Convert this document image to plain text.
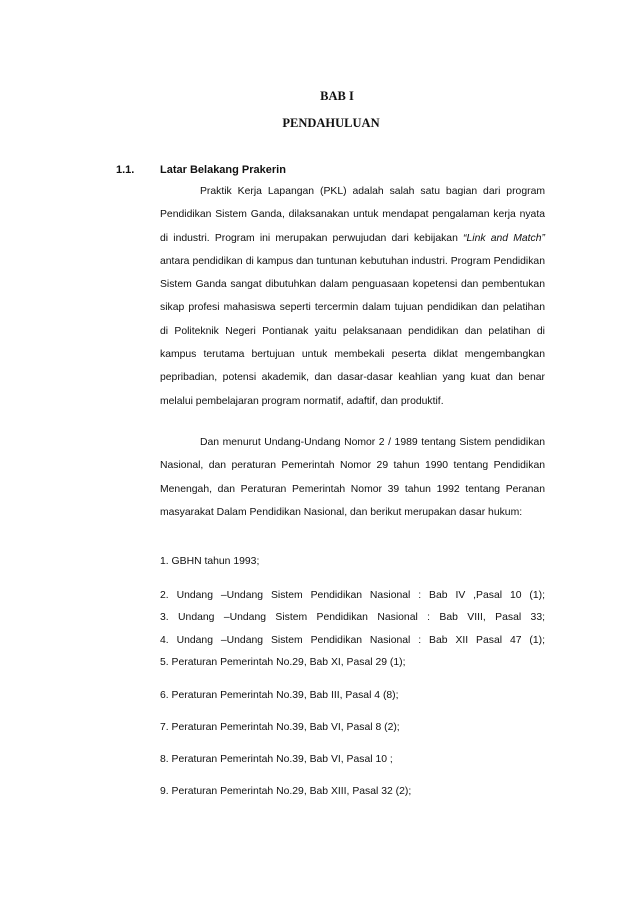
BAB I
PENDAHULUAN
1.1. Latar Belakang Prakerin

Praktik Kerja Lapangan (PKL) adalah salah satu bagian dari program Pendidikan Sistem Ganda, dilaksanakan untuk mendapat pengalaman kerja nyata di industri. Program ini merupakan perwujudan dari kebijakan “Link and Match” antara pendidikan di kampus dan tuntunan kebutuhan industri. Program Pendidikan Sistem Ganda sangat dibutuhkan dalam penguasaan kopetensi dan pembentukan sikap profesi mahasiswa seperti tercermin dalam tujuan pendidikan dan pelatihan di Politeknik Negeri Pontianak yaitu pelaksanaan pendidikan dan pelatihan di kampus terutama bertujuan untuk membekali peserta diklat mengembangkan pepribadian, potensi akademik, dan dasar-dasar keahlian yang kuat dan benar melalui pembelajaran program normatif, adaftif, dan produktif.

Dan menurut Undang-Undang Nomor 2 / 1989 tentang Sistem pendidikan Nasional, dan peraturan Pemerintah Nomor 29 tahun 1990 tentang Pendidikan Menengah, dan Peraturan Pemerintah Nomor 39 tahun 1992 tentang Peranan masyarakat Dalam Pendidikan Nasional, dan berikut merupakan dasar hukum:

1. GBHN tahun 1993;
2. Undang –Undang Sistem Pendidikan Nasional : Bab IV ,Pasal 10 (1);
3. Undang –Undang Sistem Pendidikan Nasional : Bab VIII, Pasal 33;
4. Undang –Undang Sistem Pendidikan Nasional : Bab XII Pasal 47 (1);
5. Peraturan Pemerintah No.29, Bab XI, Pasal 29 (1);
6. Peraturan Pemerintah No.39, Bab III, Pasal 4 (8);
7. Peraturan Pemerintah No.39, Bab VI, Pasal 8 (2);
8. Peraturan Pemerintah No.39, Bab VI, Pasal 10 ;
9. Peraturan Pemerintah No.29, Bab XIII, Pasal 32 (2);
